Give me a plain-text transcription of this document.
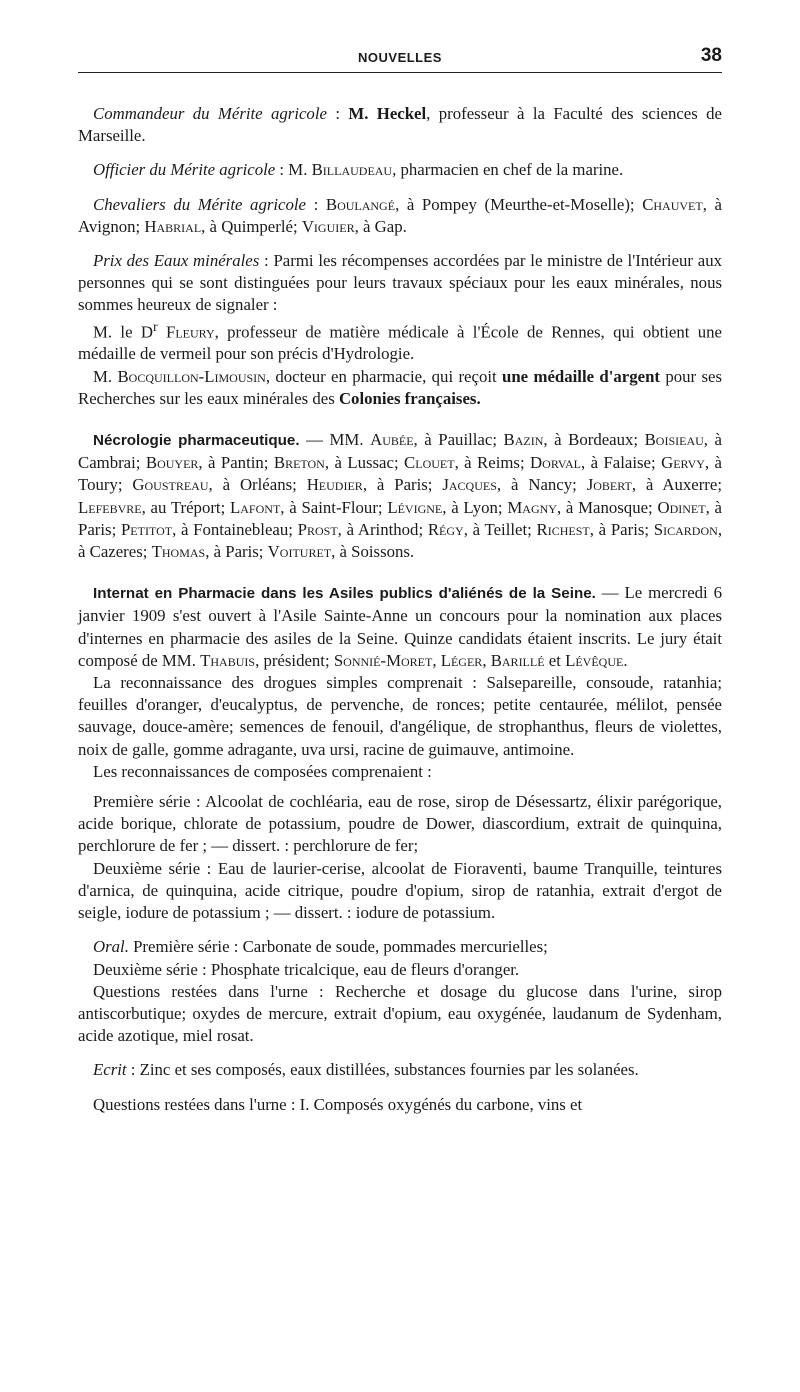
NOUVELLES	38

Commandeur du Mérite agricole : M. Heckel, professeur à la Faculté des sciences de Marseille.

Officier du Mérite agricole : M. Billaudeau, pharmacien en chef de la marine.

Chevaliers du Mérite agricole : Boulangé, à Pompey (Meurthe-et-Moselle); Chauvet, à Avignon; Habrial, à Quimperlé; Viguier, à Gap.

Prix des Eaux minérales : Parmi les récompenses accordées par le ministre de l'Intérieur aux personnes qui se sont distinguées pour leurs travaux spéciaux pour les eaux minérales, nous sommes heureux de signaler :

M. le $D^r$ Fleury, professeur de matière médicale à l'École de Rennes, qui obtient une médaille de vermeil pour son précis d'Hydrologie.

M. Bocquillon-Limousin, docteur en pharmacie, qui reçoit une médaille d'argent pour ses Recherches sur les eaux minérales des Colonies françaises.

Nécrologie pharmaceutique. — MM. Aubée, à Pauillac; Bazin, à Bordeaux; Boisieau, à Cambrai; Bouyer, à Pantin; Breton, à Lussac; Clouet, à Reims; Dorval, à Falaise; Gervy, à Toury; Goustreau, à Orléans; Heudier, à Paris; Jacques, à Nancy; Jobert, à Auxerre; Lefebvre, au Tréport; Lafont, à Saint-Flour; Lévigne, à Lyon; Magny, à Manosque; Odinet, à Paris; Petitot, à Fontainebleau; Prost, à Arinthod; Régy, à Teillet; Richest, à Paris; Sicardon, à Cazeres; Thomas, à Paris; Voituret, à Soissons.

Internat en Pharmacie dans les Asiles publics d'aliénés de la Seine. — Le mercredi 6 janvier 1909 s'est ouvert à l'Asile Sainte-Anne un concours pour la nomination aux places d'internes en pharmacie des asiles de la Seine. Quinze candidats étaient inscrits. Le jury était composé de MM. Thabuis, président; Sonnié-Moret, Léger, Barillé et Lévêque.

La reconnaissance des drogues simples comprenait : Salsepareille, consoude, ratanhia; feuilles d'oranger, d'eucalyptus, de pervenche, de ronces; petite centaurée, mélilot, pensée sauvage, douce-amère; semences de fenouil, d'angélique, de strophanthus, fleurs de violettes, noix de galle, gomme adragante, uva ursi, racine de guimauve, antimoine.

Les reconnaissances de composées comprenaient :

Première série : Alcoolat de cochléaria, eau de rose, sirop de Désessartz, élixir parégorique, acide borique, chlorate de potassium, poudre de Dower, diascordium, extrait de quinquina, perchlorure de fer ; — dissert. : perchlorure de fer;

Deuxième série : Eau de laurier-cerise, alcoolat de Fioraventi, baume Tranquille, teintures d'arnica, de quinquina, acide citrique, poudre d'opium, sirop de ratanhia, extrait d'ergot de seigle, iodure de potassium ; — dissert. : iodure de potassium.

Oral. Première série : Carbonate de soude, pommades mercurielles;

Deuxième série : Phosphate tricalcique, eau de fleurs d'oranger.

Questions restées dans l'urne : Recherche et dosage du glucose dans l'urine, sirop antiscorbutique; oxydes de mercure, extrait d'opium, eau oxygénée, laudanum de Sydenham, acide azotique, miel rosat.

Ecrit : Zinc et ses composés, eaux distillées, substances fournies par les solanées.

Questions restées dans l'urne : I. Composés oxygénés du carbone, vins et
